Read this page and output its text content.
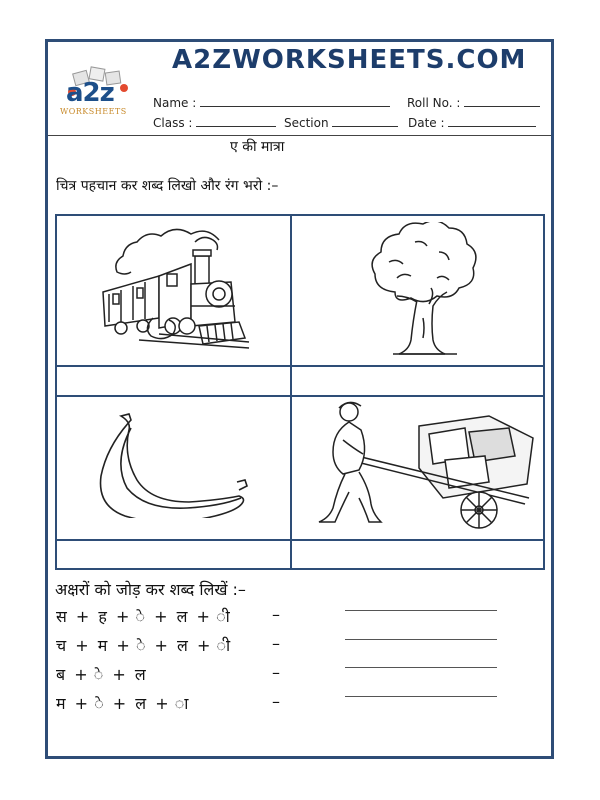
a2z
WORKSHEETS
A2ZWORKSHEETS.COM
Name :	Roll No. :
Class :	Section	Date :
ए की मात्रा
चित्र पहचान कर शब्द लिखो और रंग भरो :–
अक्षरों को जोड़ कर शब्द लिखें :–
स + ह + े + ल + ी	–
च + म + े + ल + ी –
ब + े + ल	–
म + े + ल + ा	–
